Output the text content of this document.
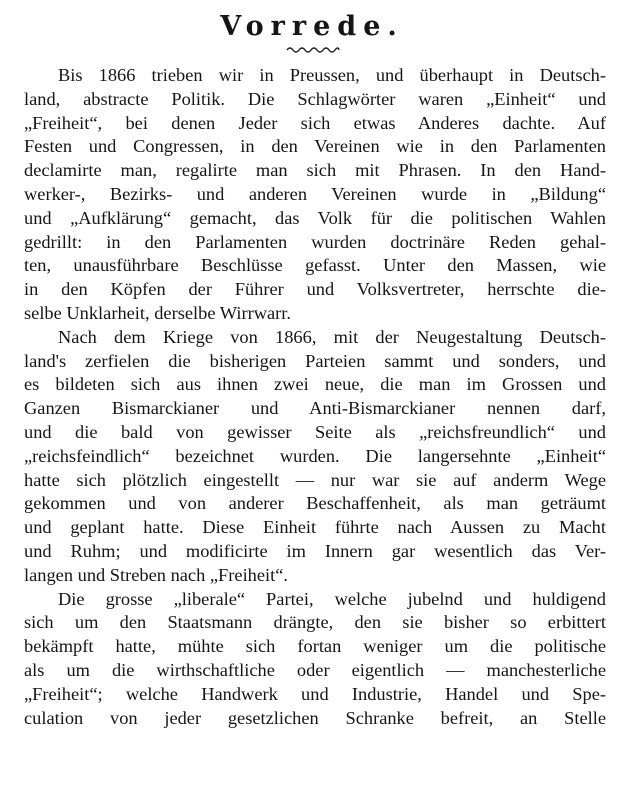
Vorrede.
Bis 1866 trieben wir in Preussen, und überhaupt in Deutsch-
land, abstracte Politik. Die Schlagwörter waren „Einheit“ und
„Freiheit“, bei denen Jeder sich etwas Anderes dachte. Auf
Festen und Congressen, in den Vereinen wie in den Parlamenten
declamirte man, regalirte man sich mit Phrasen. In den Hand-
werker-, Bezirks- und anderen Vereinen wurde in „Bildung“
und „Aufklärung“ gemacht, das Volk für die politischen Wahlen
gedrillt: in den Parlamenten wurden doctrinäre Reden gehal-
ten, unausführbare Beschlüsse gefasst. Unter den Massen, wie
in den Köpfen der Führer und Volksvertreter, herrschte die-
selbe Unklarheit, derselbe Wirrwarr.
Nach dem Kriege von 1866, mit der Neugestaltung Deutsch-
land's zerfielen die bisherigen Parteien sammt und sonders, und
es bildeten sich aus ihnen zwei neue, die man im Grossen und
Ganzen Bismarckianer und Anti-Bismarckianer nennen darf,
und die bald von gewisser Seite als „reichsfreundlich“ und
„reichsfeindlich“ bezeichnet wurden. Die langersehnte „Einheit“
hatte sich plötzlich eingestellt — nur war sie auf anderm Wege
gekommen und von anderer Beschaffenheit, als man geträumt
und geplant hatte. Diese Einheit führte nach Aussen zu Macht
und Ruhm; und modificirte im Innern gar wesentlich das Ver-
langen und Streben nach „Freiheit“.
Die grosse „liberale“ Partei, welche jubelnd und huldigend
sich um den Staatsmann drängte, den sie bisher so erbittert
bekämpft hatte, mühte sich fortan weniger um die politische
als um die wirthschaftliche oder eigentlich — manchesterliche
„Freiheit“; welche Handwerk und Industrie, Handel und Spe-
culation von jeder gesetzlichen Schranke befreit, an Stelle
